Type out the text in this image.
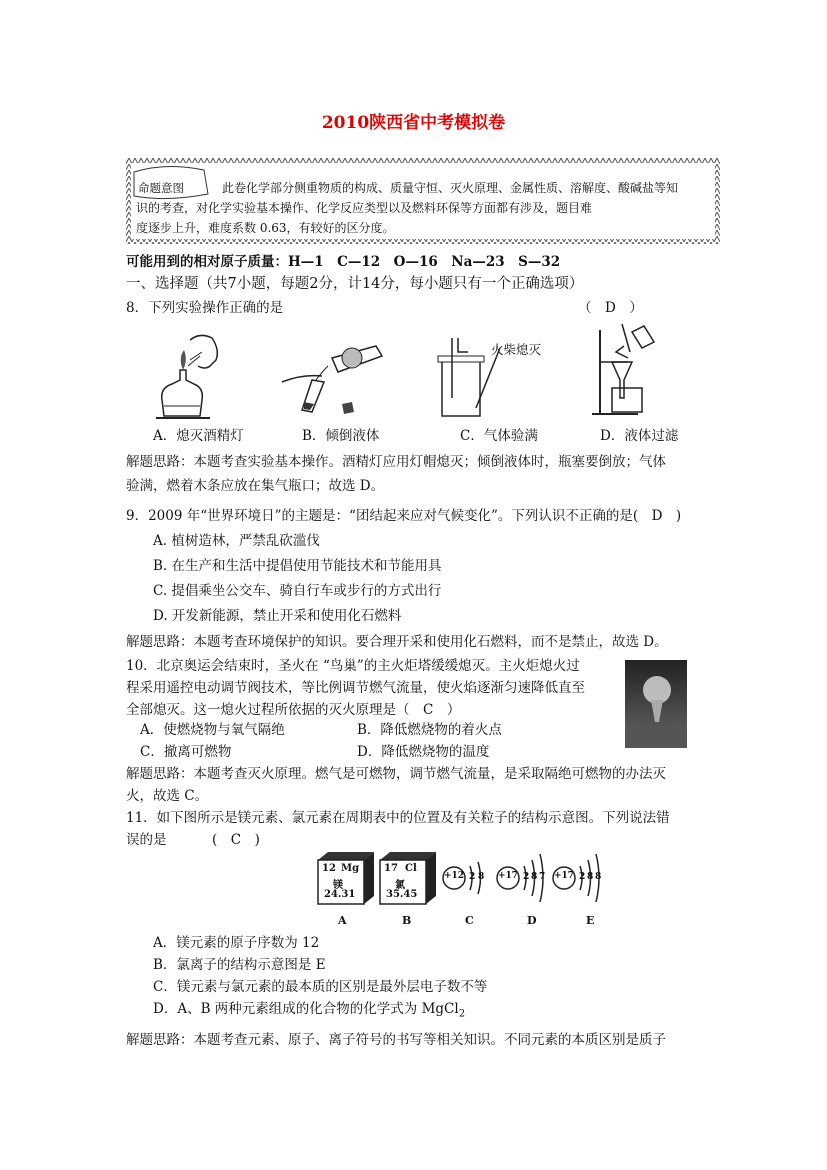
2010陕西省中考模拟卷
命题意图	此卷化学部分侧重物质的构成、质量守恒、灭火原理、金属性质、溶解度、酸碱盐等知
识的考查，对化学实验基本操作、化学反应类型以及燃料环保等方面都有涉及，题目难
度逐步上升，难度系数 0.63，有较好的区分度。
可能用到的相对原子质量：H—1　C—12　O—16　Na—23　S—32
一、选择题（共7小题，每题2分，计14分，每小题只有一个正确选项）
8．下列实验操作正确的是	（　D　）
火柴熄灭
A．熄灭酒精灯	B．倾倒液体	C．气体验满	D．液体过滤
解题思路：本题考查实验基本操作。酒精灯应用灯帽熄灭；倾倒液体时，瓶塞要倒放；气体
验满，燃着木条应放在集气瓶口；故选 D。
9．2009 年“世界环境日”的主题是：“团结起来应对气候变化”。下列认识不正确的是(　D　)
A. 植树造林，严禁乱砍滥伐
B. 在生产和生活中提倡使用节能技术和节能用具
C. 提倡乘坐公交车、骑自行车或步行的方式出行
D. 开发新能源，禁止开采和使用化石燃料
解题思路：本题考查环境保护的知识。要合理开采和使用化石燃料，而不是禁止，故选 D。
10．北京奥运会结束时，圣火在 “鸟巢”的主火炬塔缓缓熄灭。主火炬熄火过
程采用遥控电动调节阀技术，等比例调节燃气流量，使火焰逐渐匀速降低直至
全部熄灭。这一熄火过程所依据的灭火原理是（　C　）
A．使燃烧物与氧气隔绝	B．降低燃烧物的着火点
C．撤离可燃物	D．降低燃烧物的温度
解题思路：本题考查灭火原理。燃气是可燃物，调节燃气流量，是采取隔绝可燃物的办法灭
火，故选 C。
11．如下图所示是镁元素、氯元素在周期表中的位置及有关粒子的结构示意图。下列说法错
误的是	(　C　)
12 Mg
镁
24.31
A
17 Cl
氯
35.45
B
+12 2 8
C
+17 2 8 7
D
+17 2 8 8
E
A．镁元素的原子序数为 12
B．氯离子的结构示意图是 E
C．镁元素与氯元素的最本质的区别是最外层电子数不等
D．A、B 两种元素组成的化合物的化学式为 MgCl$_2$
解题思路：本题考查元素、原子、离子符号的书写等相关知识。不同元素的本质区别是质子
